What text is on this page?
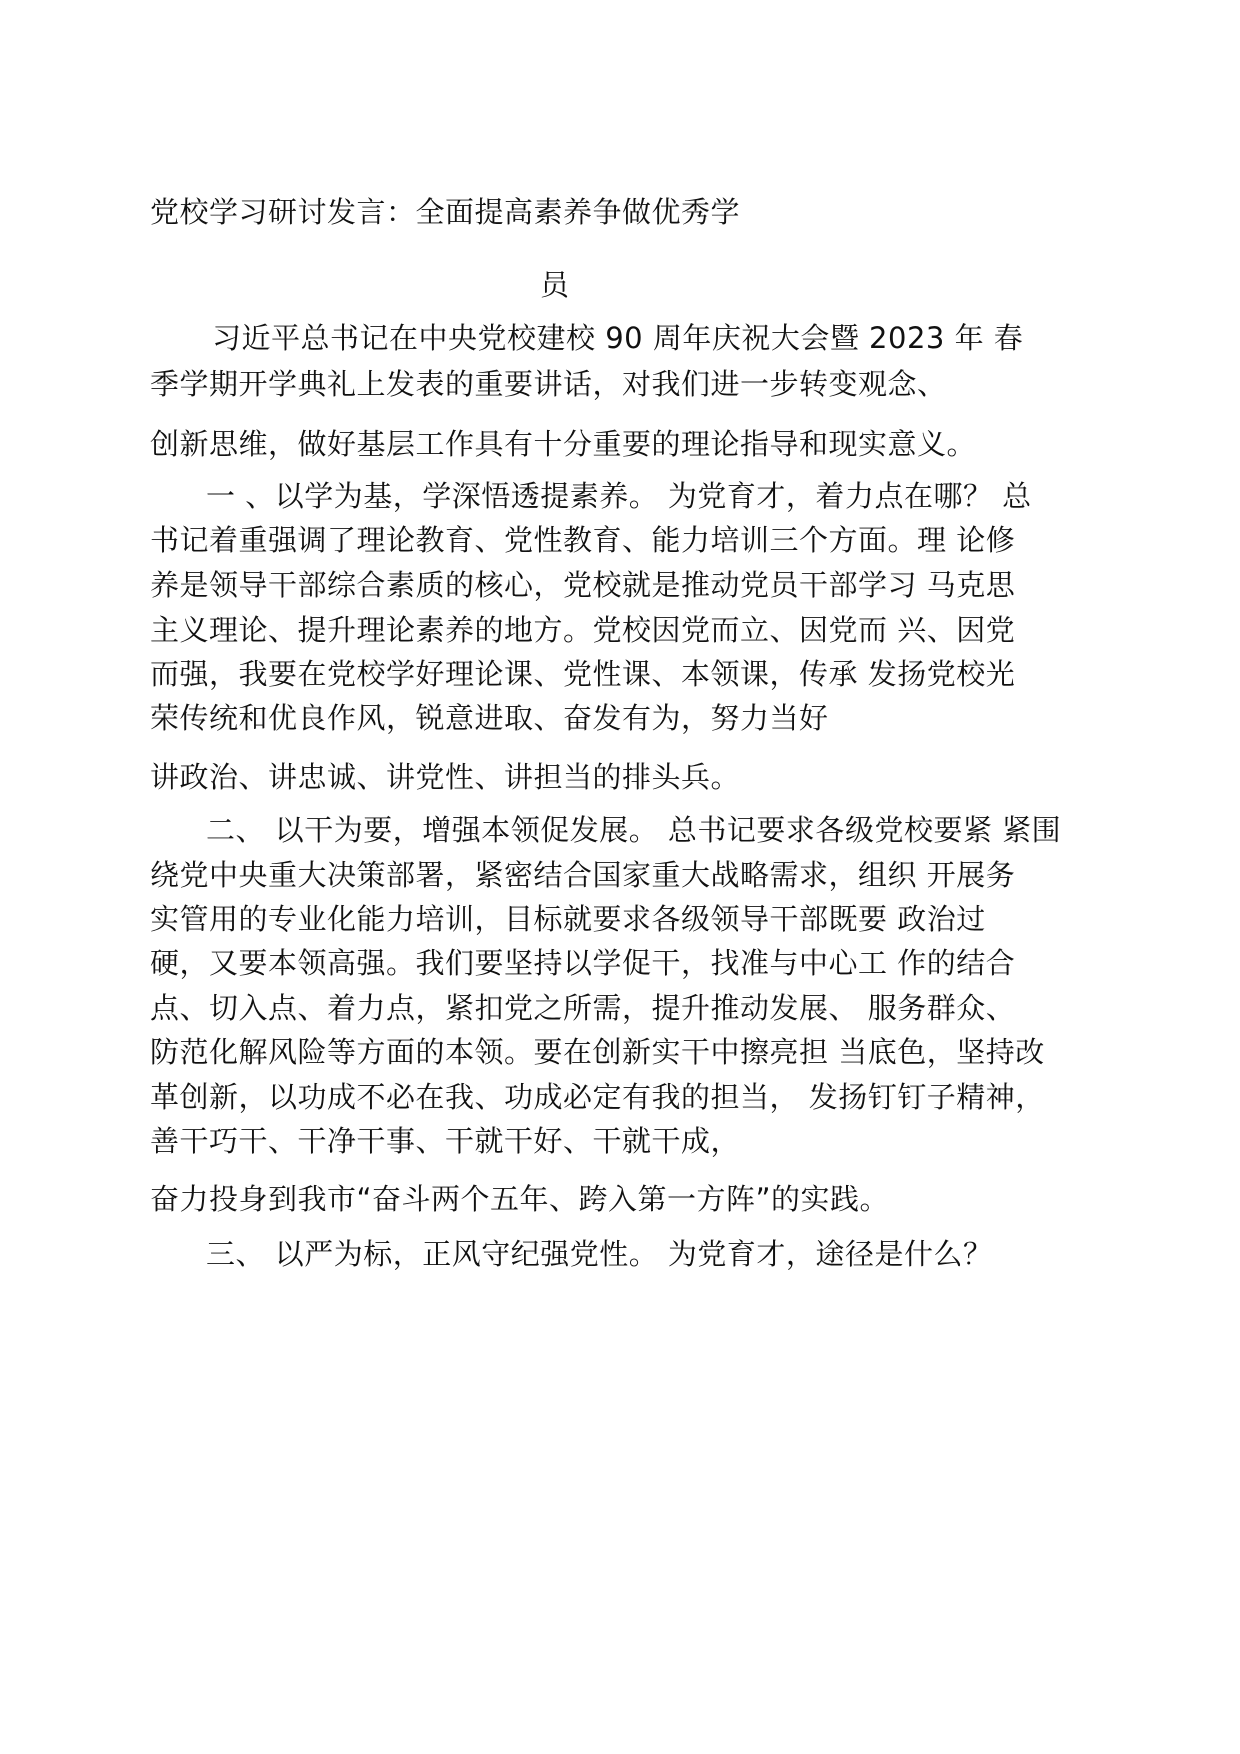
党校学习研讨发言：全面提高素养争做优秀学
员
习近平总书记在中央党校建校 90 周年庆祝大会暨 2023 年 春
季学期开学典礼上发表的重要讲话，对我们进一步转变观念、
创新思维，做好基层工作具有十分重要的理论指导和现实意义。
一 、以学为基，学深悟透提素养。 为党育才，着力点在哪？ 总
书记着重强调了理论教育、党性教育、能力培训三个方面。理 论修
养是领导干部综合素质的核心，党校就是推动党员干部学习 马克思
主义理论、提升理论素养的地方。党校因党而立、因党而 兴、因党
而强，我要在党校学好理论课、党性课、本领课，传承 发扬党校光
荣传统和优良作风，锐意进取、奋发有为，努力当好
讲政治、讲忠诚、讲党性、讲担当的排头兵。
二、 以干为要，增强本领促发展。 总书记要求各级党校要紧 紧围
绕党中央重大决策部署，紧密结合国家重大战略需求，组织 开展务
实管用的专业化能力培训，目标就要求各级领导干部既要 政治过
硬，又要本领高强。我们要坚持以学促干，找准与中心工 作的结合
点、切入点、着力点，紧扣党之所需，提升推动发展、 服务群众、
防范化解风险等方面的本领。要在创新实干中擦亮担 当底色，坚持改
革创新，以功成不必在我、功成必定有我的担当， 发扬钉钉子精神，
善干巧干、干净干事、干就干好、干就干成，
奋力投身到我市“奋斗两个五年、跨入第一方阵”的实践。
三、 以严为标，正风守纪强党性。 为党育才，途径是什么？
